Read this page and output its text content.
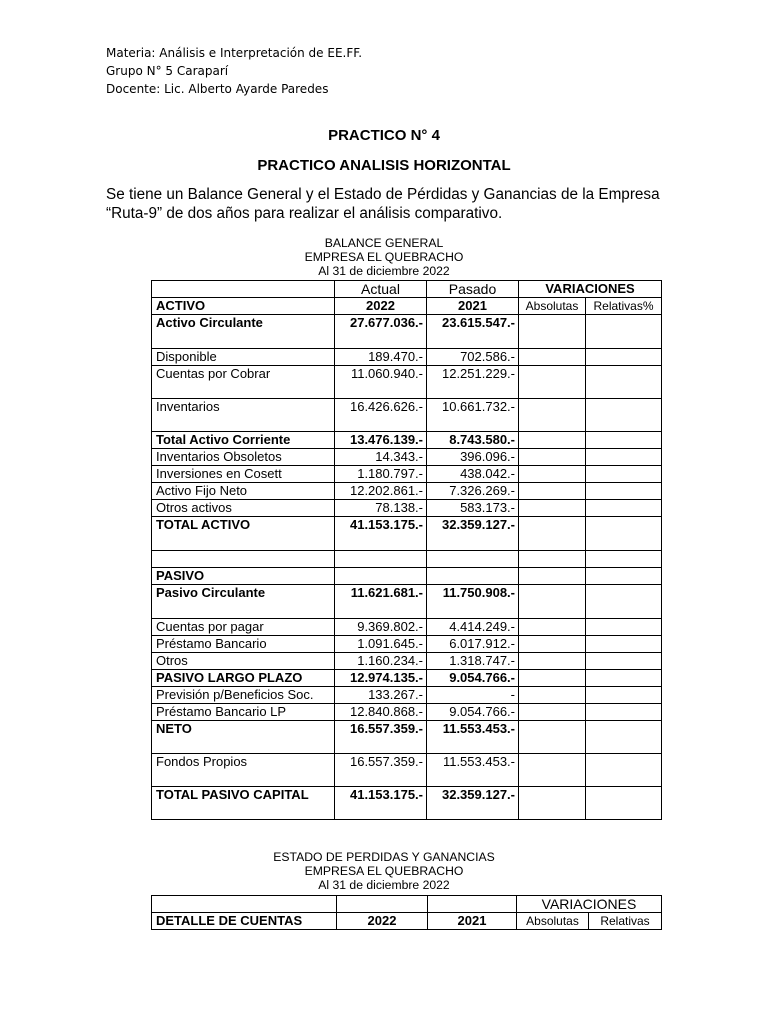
Materia: Análisis e Interpretación de EE.FF.
Grupo N° 5 Caraparí
Docente: Lic. Alberto Ayarde Paredes
PRACTICO N° 4
PRACTICO ANALISIS HORIZONTAL
Se tiene un Balance General y el Estado de Pérdidas y Ganancias de la Empresa
“Ruta-9” de dos años para realizar el análisis comparativo.
BALANCE GENERAL
EMPRESA EL QUEBRACHO
Al 31 de diciembre 2022
	Actual	Pasado	VARIACIONES	
ACTIVO	2022	2021	Absolutas	Relativas%
Activo Circulante	27.677.036.-	23.615.547.-		
Disponible	189.470.-	702.586.-		
Cuentas por Cobrar	11.060.940.-	12.251.229.-		
Inventarios	16.426.626.-	10.661.732.-		
Total Activo Corriente	13.476.139.-	8.743.580.-		
Inventarios Obsoletos	14.343.-	396.096.-		
Inversiones en Cosett	1.180.797.-	438.042.-		
Activo Fijo Neto	12.202.861.-	7.326.269.-		
Otros activos	78.138.-	583.173.-		
TOTAL ACTIVO	41.153.175.-	32.359.127.-		

PASIVO				
Pasivo Circulante	11.621.681.-	11.750.908.-		
Cuentas por pagar	9.369.802.-	4.414.249.-		
Préstamo Bancario	1.091.645.-	6.017.912.-		
Otros	1.160.234.-	1.318.747.-		
PASIVO LARGO PLAZO	12.974.135.-	9.054.766.-		
Previsión p/Beneficios Soc.	133.267.-	-		
Préstamo Bancario LP	12.840.868.-	9.054.766.-		
NETO	16.557.359.-	11.553.453.-		
Fondos Propios	16.557.359.-	11.553.453.-		
TOTAL PASIVO CAPITAL	41.153.175.-	32.359.127.-		
ESTADO DE PERDIDAS Y GANANCIAS
EMPRESA EL QUEBRACHO
Al 31 de diciembre 2022
			VARIACIONES	
DETALLE DE CUENTAS	2022	2021	Absolutas	Relativas
